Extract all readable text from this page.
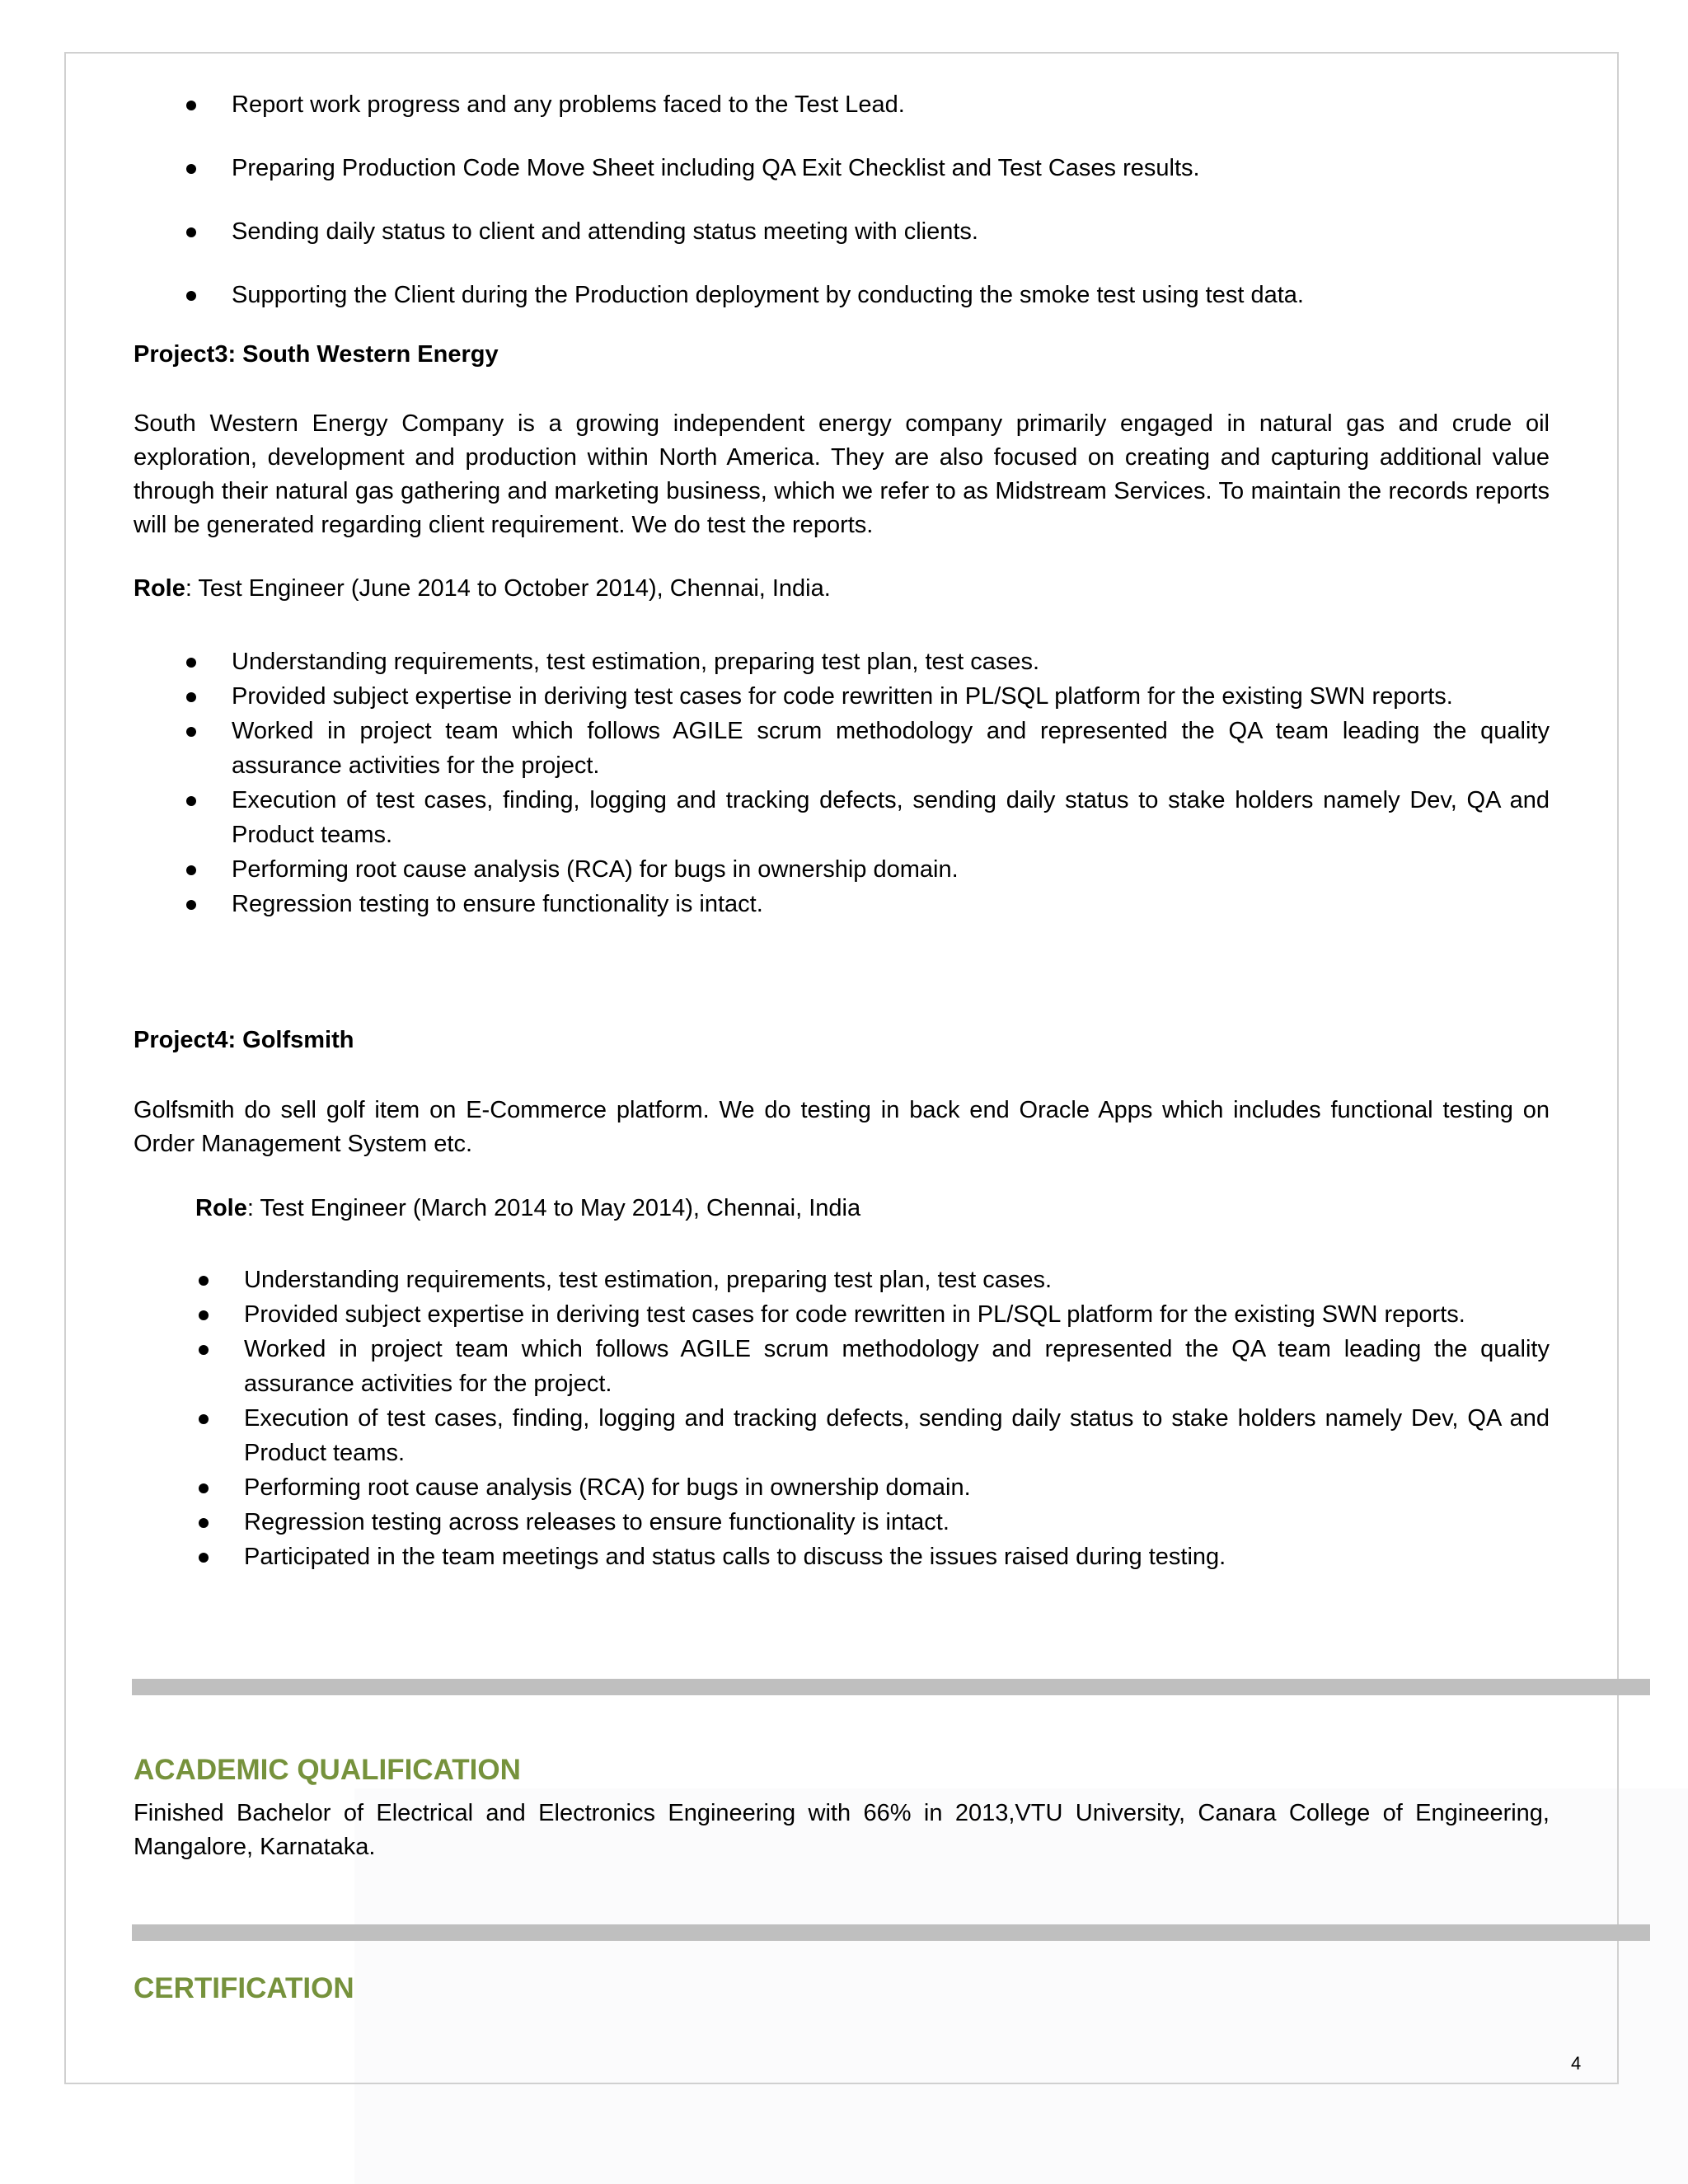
Report work progress and any problems faced to the Test Lead.
Preparing Production Code Move Sheet including QA Exit Checklist and Test Cases results.
Sending daily status to client and attending status meeting with clients.
Supporting the Client during the Production deployment by conducting the smoke test using test data.
Project3: South Western Energy
South Western Energy Company is a growing independent energy company primarily engaged in natural gas and crude oil exploration, development and production within North America. They are also focused on creating and capturing additional value through their natural gas gathering and marketing business, which we refer to as Midstream Services. To maintain the records reports will be generated regarding client requirement. We do test the reports.
Role: Test Engineer (June 2014 to October 2014), Chennai, India.
Understanding requirements, test estimation, preparing test plan, test cases.
Provided subject expertise in deriving test cases for code rewritten in PL/SQL platform for the existing SWN reports.
Worked in project team which follows AGILE scrum methodology and represented the QA team leading the quality assurance activities for the project.
Execution of test cases, finding, logging and tracking defects, sending daily status to stake holders namely Dev, QA and Product teams.
Performing root cause analysis (RCA) for bugs in ownership domain.
Regression testing to ensure functionality is intact.
Project4: Golfsmith
Golfsmith do sell golf item on E-Commerce platform. We do testing in back end Oracle Apps which includes functional testing on Order Management System etc.
Role: Test Engineer (March 2014 to May 2014), Chennai, India
Understanding requirements, test estimation, preparing test plan, test cases.
Provided subject expertise in deriving test cases for code rewritten in PL/SQL platform for the existing SWN reports.
Worked in project team which follows AGILE scrum methodology and represented the QA team leading the quality assurance activities for the project.
Execution of test cases, finding, logging and tracking defects, sending daily status to stake holders namely Dev, QA and Product teams.
Performing root cause analysis (RCA) for bugs in ownership domain.
Regression testing across releases to ensure functionality is intact.
Participated in the team meetings and status calls to discuss the issues raised during testing.
ACADEMIC QUALIFICATION
Finished Bachelor of Electrical and Electronics Engineering with 66% in 2013,VTU University, Canara College of Engineering, Mangalore, Karnataka.
CERTIFICATION
4
